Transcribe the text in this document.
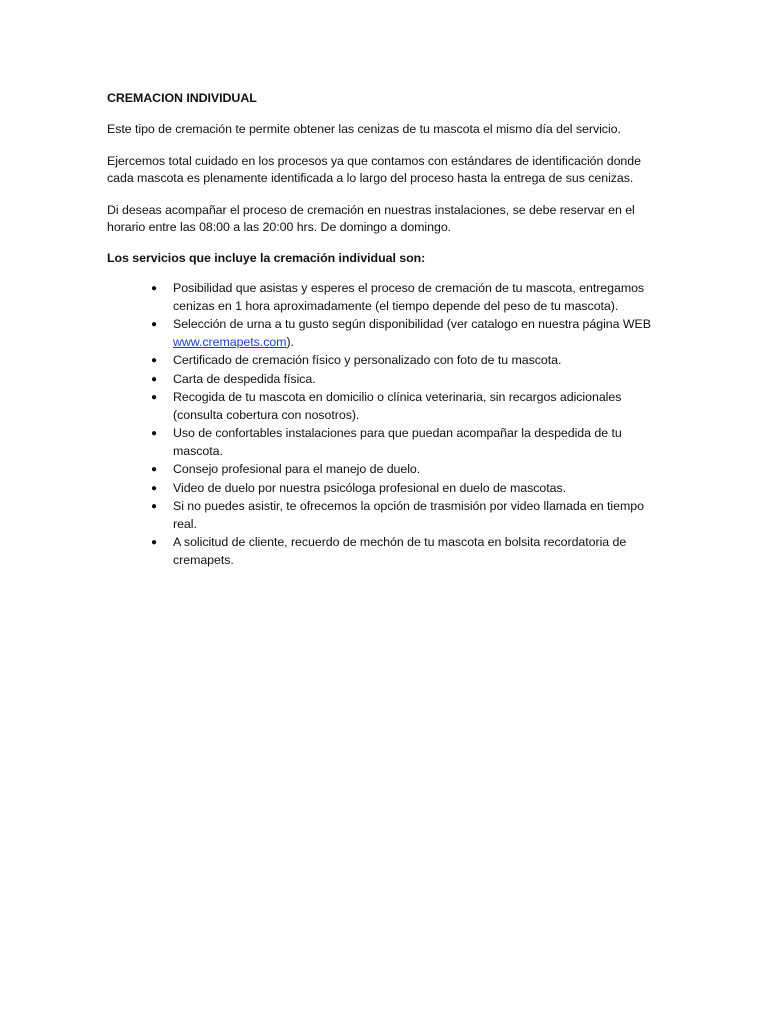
CREMACION INDIVIDUAL

Este tipo de cremación te permite obtener las cenizas de tu mascota el mismo día del servicio.

Ejercemos total cuidado en los procesos ya que contamos con estándares de identificación donde cada mascota es plenamente identificada a lo largo del proceso hasta la entrega de sus cenizas.

Di deseas acompañar el proceso de cremación en nuestras instalaciones, se debe reservar en el horario entre las 08:00 a las 20:00 hrs. De domingo a domingo.

Los servicios que incluye la cremación individual son:
● Posibilidad que asistas y esperes el proceso de cremación de tu mascota, entregamos cenizas en 1 hora aproximadamente (el tiempo depende del peso de tu mascota).
● Selección de urna a tu gusto según disponibilidad (ver catalogo en nuestra página WEB www.cremapets.com).
● Certificado de cremación físico y personalizado con foto de tu mascota.
● Carta de despedida física.
● Recogida de tu mascota en domicilio o clínica veterinaria, sin recargos adicionales (consulta cobertura con nosotros).
● Uso de confortables instalaciones para que puedan acompañar la despedida de tu mascota.
● Consejo profesional para el manejo de duelo.
● Video de duelo por nuestra psicóloga profesional en duelo de mascotas.
● Si no puedes asistir, te ofrecemos la opción de trasmisión por video llamada en tiempo real.
● A solicitud de cliente, recuerdo de mechón de tu mascota en bolsita recordatoria de cremapets.
